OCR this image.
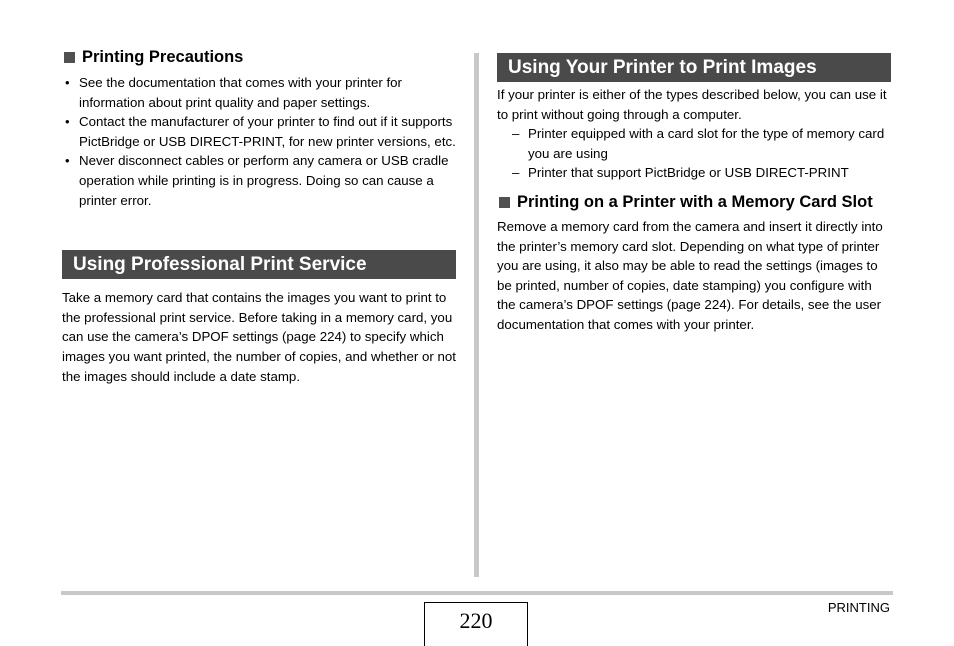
Printing Precautions
• See the documentation that comes with your printer for information about print quality and paper settings.
• Contact the manufacturer of your printer to find out if it supports PictBridge or USB DIRECT-PRINT, for new printer versions, etc.
• Never disconnect cables or perform any camera or USB cradle operation while printing is in progress. Doing so can cause a printer error.
Using Professional Print Service
Take a memory card that contains the images you want to print to the professional print service. Before taking in a memory card, you can use the camera’s DPOF settings (page 224) to specify which images you want printed, the number of copies, and whether or not the images should include a date stamp.
Using Your Printer to Print Images
If your printer is either of the types described below, you can use it to print without going through a computer.
– Printer equipped with a card slot for the type of memory card you are using
– Printer that support PictBridge or USB DIRECT-PRINT
Printing on a Printer with a Memory Card Slot
Remove a memory card from the camera and insert it directly into the printer’s memory card slot. Depending on what type of printer you are using, it also may be able to read the settings (images to be printed, number of copies, date stamping) you configure with the camera’s DPOF settings (page 224). For details, see the user documentation that comes with your printer.
220
PRINTING
